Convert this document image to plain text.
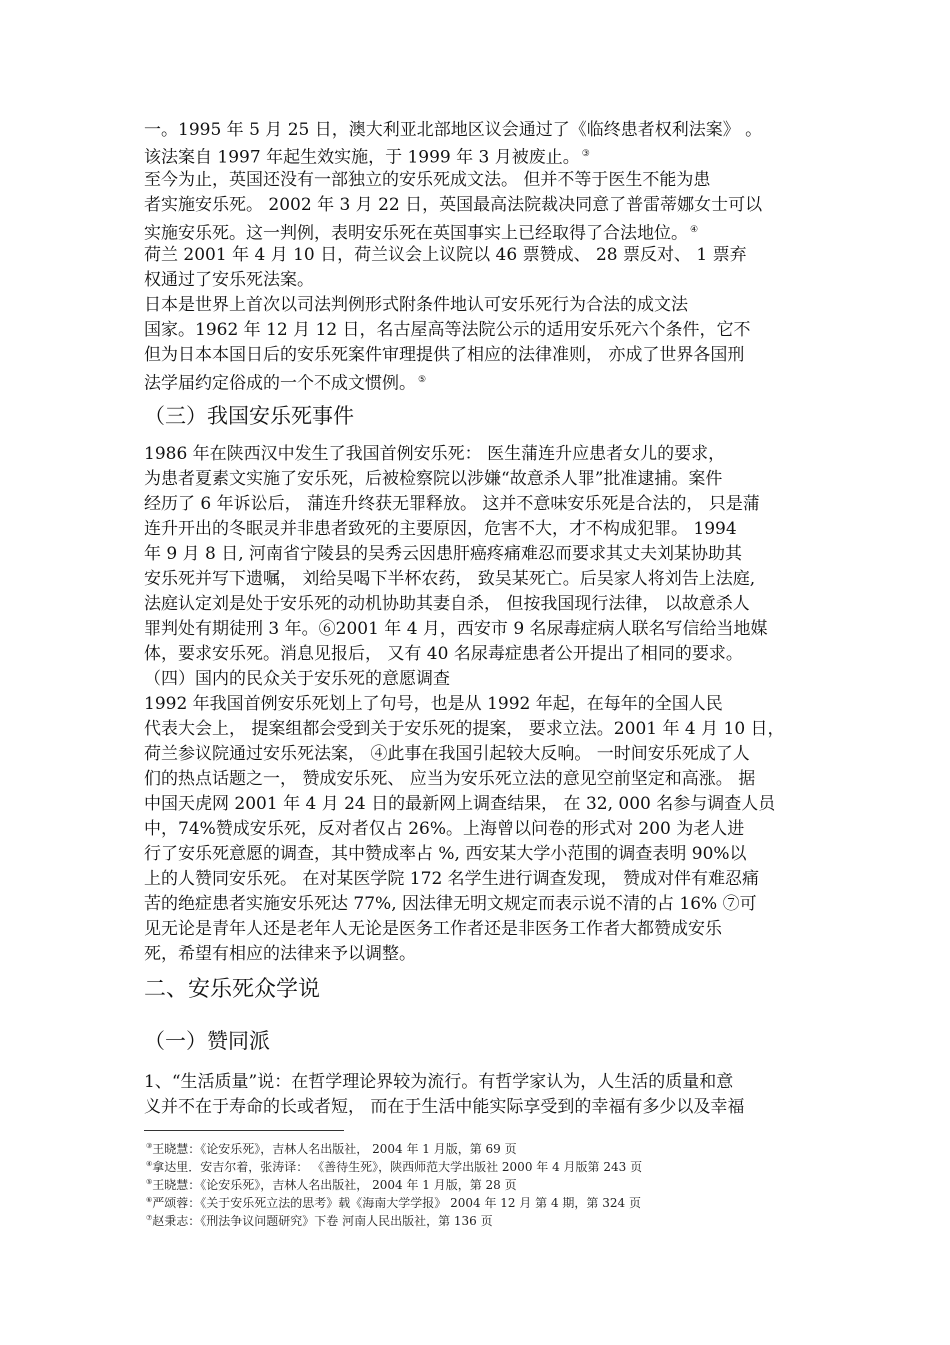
一。1995 年 5 月 25 日，澳大利亚北部地区议会通过了《临终患者权利法案》 。
该法案自 1997 年起生效实施，于 1999 年 3 月被废止。 ③
至今为止，英国还没有一部独立的安乐死成文法。 但并不等于医生不能为患
者实施安乐死。 2002 年 3 月 22 日，英国最高法院裁决同意了普雷蒂娜女士可以
实施安乐死。这一判例，表明安乐死在英国事实上已经取得了合法地位。 ④
荷兰 2001 年 4 月 10 日，荷兰议会上议院以 46 票赞成、 28 票反对、 1 票弃
权通过了安乐死法案。
日本是世界上首次以司法判例形式附条件地认可安乐死行为合法的成文法
国家。1962 年 12 月 12 日，名古屋高等法院公示的适用安乐死六个条件，它不
但为日本本国日后的安乐死案件审理提供了相应的法律准则， 亦成了世界各国刑
法学届约定俗成的一个不成文惯例。 ⑤
1986 年在陕西汉中发生了我国首例安乐死： 医生蒲连升应患者女儿的要求，
为患者夏素文实施了安乐死，后被检察院以涉嫌“故意杀人罪”批准逮捕。案件
经历了 6 年诉讼后， 蒲连升终获无罪释放。 这并不意味安乐死是合法的， 只是蒲
连升开出的冬眠灵并非患者致死的主要原因，危害不大，才不构成犯罪。 1994
年 9 月 8 日, 河南省宁陵县的吴秀云因患肝癌疼痛难忍而要求其丈夫刘某协助其
安乐死并写下遗嘱， 刘给吴喝下半杯农药， 致吴某死亡。后吴家人将刘告上法庭,
法庭认定刘是处于安乐死的动机协助其妻自杀， 但按我国现行法律， 以故意杀人
罪判处有期徒刑 3 年。⑥2001 年 4 月，西安市 9 名尿毒症病人联名写信给当地媒
体，要求安乐死。消息见报后， 又有 40 名尿毒症患者公开提出了相同的要求。
（四）国内的民众关于安乐死的意愿调查
1992 年我国首例安乐死划上了句号，也是从 1992 年起，在每年的全国人民
代表大会上， 提案组都会受到关于安乐死的提案， 要求立法。2001 年 4 月 10 日，
荷兰参议院通过安乐死法案， ④此事在我国引起较大反响。 一时间安乐死成了人
们的热点话题之一， 赞成安乐死、 应当为安乐死立法的意见空前坚定和高涨。 据
中国天虎网 2001 年 4 月 24 日的最新网上调查结果， 在 32, 000 名参与调查人员
中，74%赞成安乐死，反对者仅占 26%。上海曾以问卷的形式对 200 为老人进
行了安乐死意愿的调查，其中赞成率占 %, 西安某大学小范围的调查表明 90%以
上的人赞同安乐死。 在对某医学院 172 名学生进行调查发现， 赞成对伴有难忍痛
苦的绝症患者实施安乐死达 77%, 因法律无明文规定而表示说不清的占 16% ⑦可
见无论是青年人还是老年人无论是医务工作者还是非医务工作者大都赞成安乐
死，希望有相应的法律来予以调整。
1、“生活质量”说：在哲学理论界较为流行。有哲学家认为，人生活的质量和意
义并不在于寿命的长或者短， 而在于生活中能实际享受到的幸福有多少以及幸福
（三）我国安乐死事件
二、安乐死众学说
（一）赞同派
③王晓慧：《论安乐死》，吉林人名出版社， 2004 年 1 月版，第 69 页
④拿达里．安吉尔着，张涛译： 《善待生死》，陕西师范大学出版社 2000 年 4 月版第 243 页
⑤王晓慧：《论安乐死》，吉林人名出版社， 2004 年 1 月版，第 28 页
⑥严颂蓉：《关于安乐死立法的思考》载《海南大学学报》 2004 年 12 月 第 4 期，第 324 页
⑦赵秉志：《刑法争议问题研究》下卷 河南人民出版社，第 136 页
